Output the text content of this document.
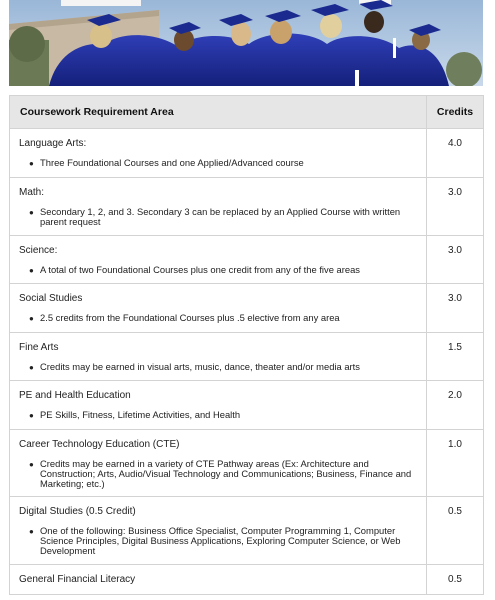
Coursework Requirement Area	Credits

Language Arts:
● Three Foundational Courses and one Applied/Advanced course	4.0

Math:
● Secondary 1, 2, and 3. Secondary 3 can be replaced by an Applied Course with written parent request	3.0

Science:
● A total of two Foundational Courses plus one credit from any of the five areas	3.0

Social Studies
● 2.5 credits from the Foundational Courses plus .5 elective from any area	3.0

Fine Arts
● Credits may be earned in visual arts, music, dance, theater and/or media arts	1.5

PE and Health Education
● PE Skills, Fitness, Lifetime Activities, and Health	2.0

Career Technology Education (CTE)
● Credits may be earned in a variety of CTE Pathway areas (Ex: Architecture and Construction; Arts, Audio/Visual Technology and Communications; Business, Finance and Marketing; etc.)	1.0

Digital Studies (0.5 Credit)
● One of the following: Business Office Specialist, Computer Programming 1, Computer Science Principles, Digital Business Applications, Exploring Computer Science, or Web Development	0.5

General Financial Literacy	0.5
